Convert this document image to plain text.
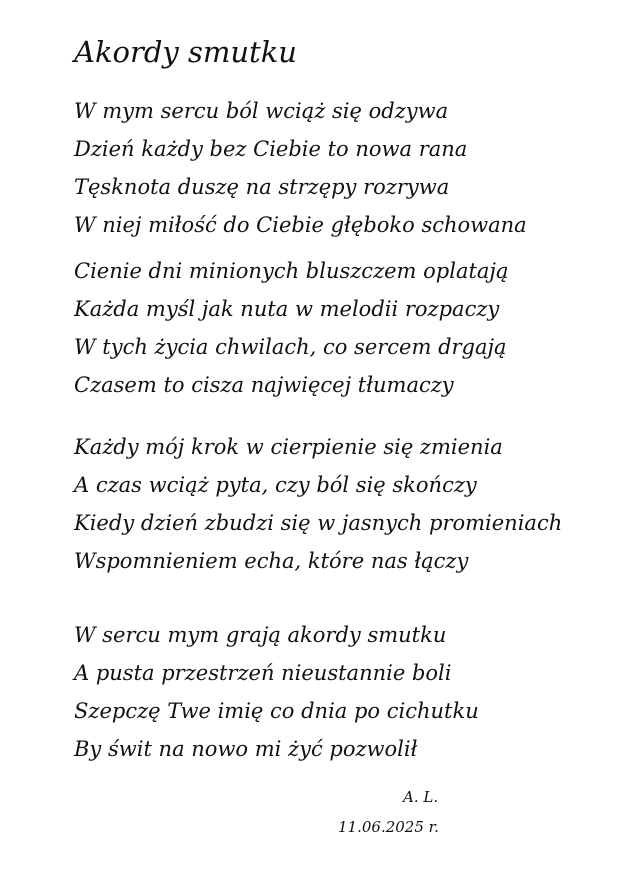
Akordy smutku
W mym sercu ból wciąż się odzywa
Dzień każdy bez Ciebie to nowa rana
Tęsknota duszę na strzępy rozrywa
W niej miłość do Ciebie głęboko schowana
Cienie dni minionych bluszczem oplatają
Każda myśl jak nuta w melodii rozpaczy
W tych życia chwilach, co sercem drgają
Czasem to cisza najwięcej tłumaczy
Każdy mój krok w cierpienie się zmienia
A czas wciąż pyta, czy ból się skończy
Kiedy dzień zbudzi się w jasnych promieniach
Wspomnieniem echa, które nas łączy
W sercu mym grają akordy smutku
A pusta przestrzeń nieustannie boli
Szepczę Twe imię co dnia po cichutku
By świt na nowo mi żyć pozwolił
A. L.
11.06.2025 r.
